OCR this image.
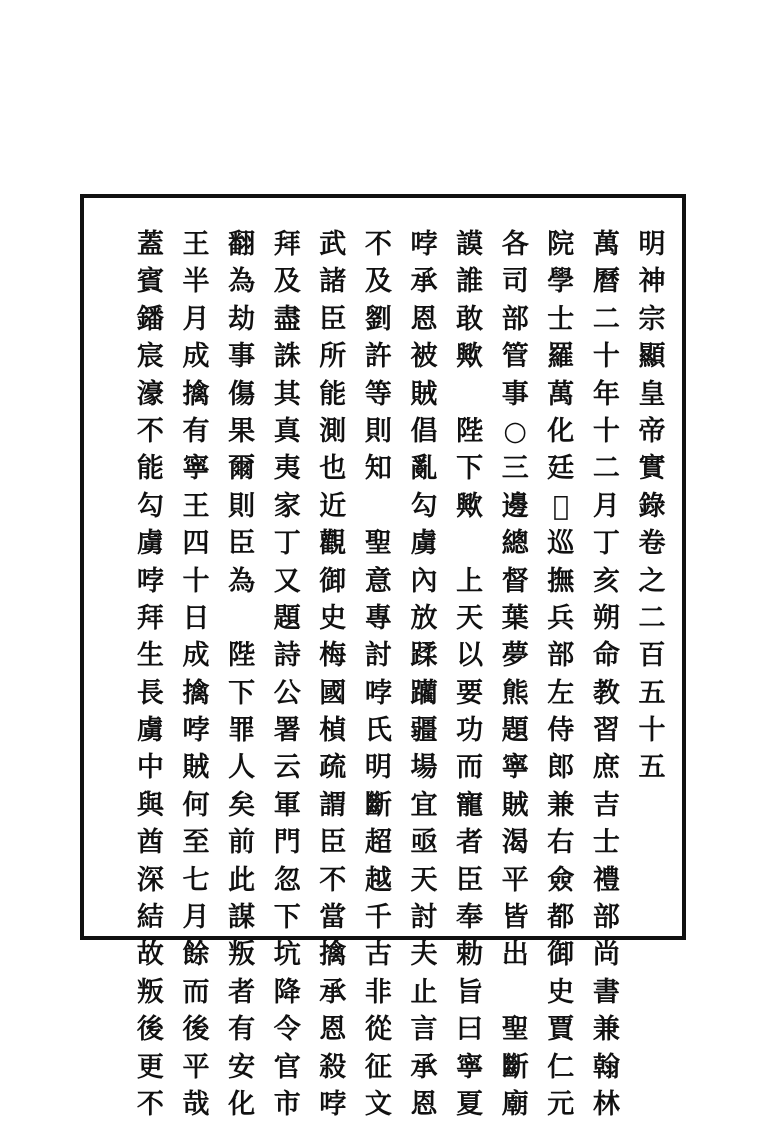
明
神
宗
顯
皇
帝
實
錄
卷
之
二
百
五
十
五
萬
曆
二
十
年
十
二
月
丁
亥
朔
命
教
習
庶
吉
士
禮
部
尚
書
兼
翰
林
院
學
士
羅
萬
化
廷
𥠖
巡
撫
兵
部
左
侍
郎
兼
右
僉
都
御
史
賈
仁
元
各
司
部
管
事
○
三
邊
總
督
葉
夢
熊
題
寧
賊
渴
平
皆
出

聖
斷
廟
謨
誰
敢
歟

陛
下
歟

上
天
以
要
功
而
寵
者
臣
奉
勅
旨
曰
寧
夏
哱
承
恩
被
賊
倡
亂
勾
虜
內
放
蹂
躪
疆
場
宜
亟
天
討
夫
止
言
承
恩
不
及
劉
許
等
則
知

聖
意
專
討
哱
氏
明
斷
超
越
千
古
非
從
征
文
武
諸
臣
所
能
測
也
近
觀
御
史
梅
國
楨
疏
謂
臣
不
當
擒
承
恩
殺
哱
拜
及
盡
誅
其
真
夷
家
丁
又
題
詩
公
署
云
軍
門
忽
下
坑
降
令
官
市
翻
為
劫
事
傷
果
爾
則
臣
為

陛
下
罪
人
矣
前
此
謀
叛
者
有
安
化
王
半
月
成
擒
有
寧
王
四
十
日
成
擒
哱
賊
何
至
七
月
餘
而
後
平
哉
蓋
賓
鐇
宸
濠
不
能
勾
虜
哱
拜
生
長
虜
中
與
酋
深
結
故
叛
後
更
不
